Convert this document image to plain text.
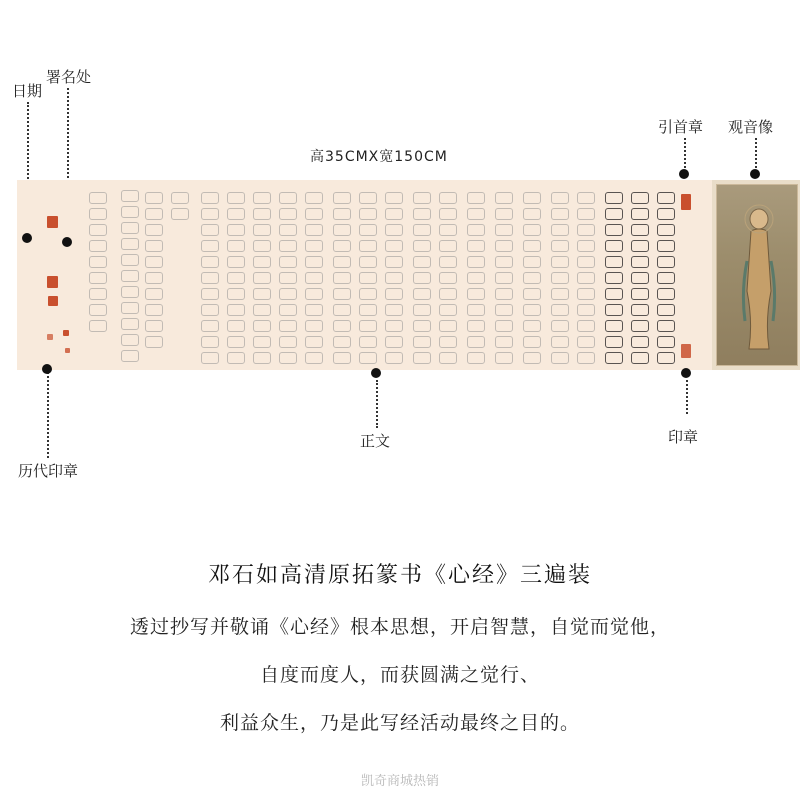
日期
署名处
引首章 观音像
高35CMX宽150CM
正文	印章
历代印章
邓石如高清原拓篆书《心经》三遍装
透过抄写并敬诵《心经》根本思想，开启智慧，自觉而觉他，
自度而度人，而获圆满之觉行、
利益众生，乃是此写经活动最终之目的。
凯奇商城热销
